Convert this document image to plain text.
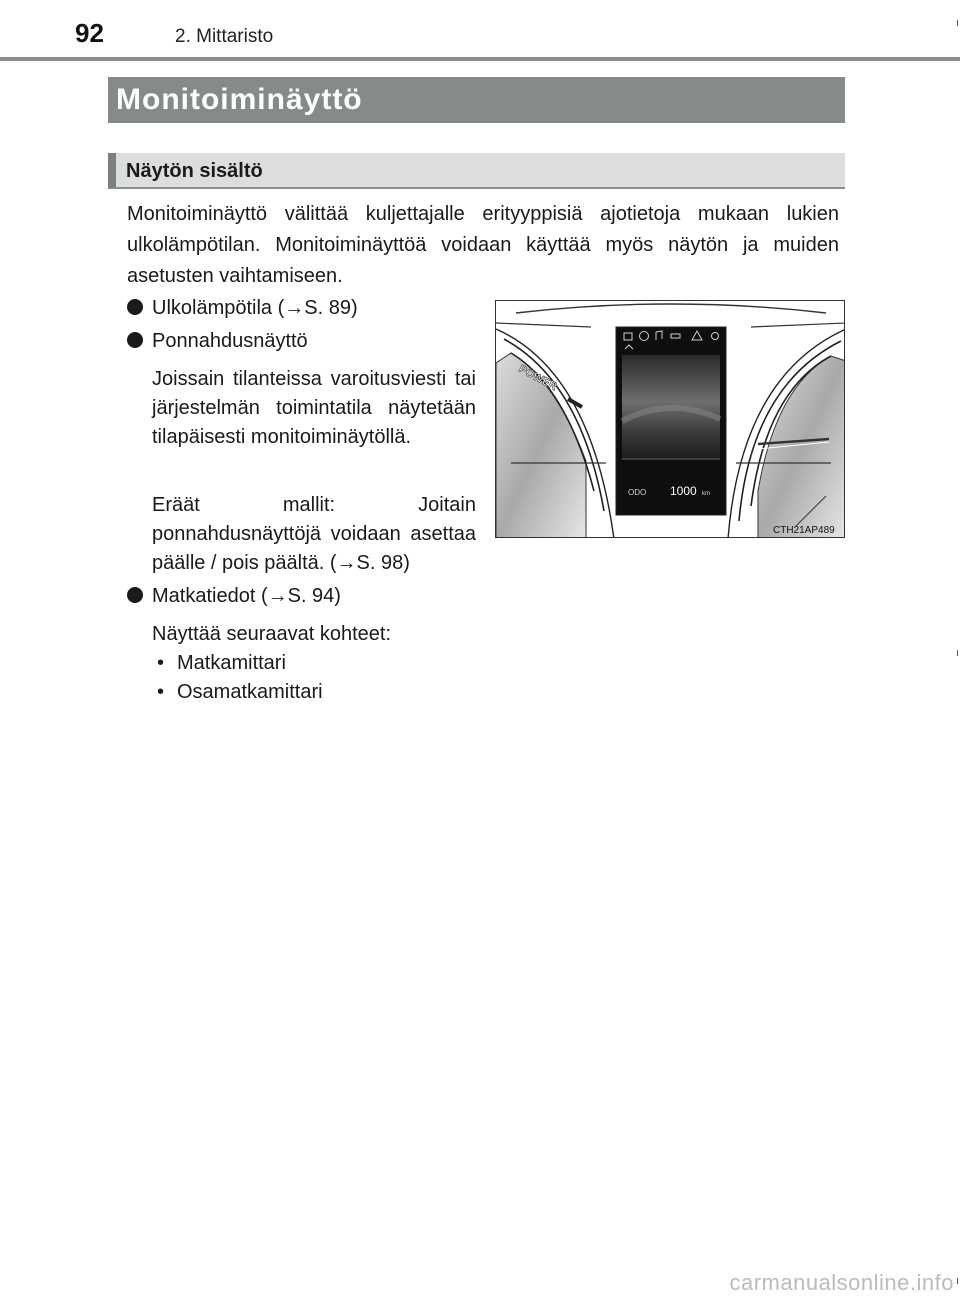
92	2. Mittaristo
Monitoiminäyttö
Näytön sisältö

Monitoiminäyttö välittää kuljettajalle erityyppisiä ajotietoja mukaan lukien ulkolämpötilan. Monitoiminäyttöä voidaan käyttää myös näytön ja muiden asetusten vaihtamiseen.

Ulkolämpötila (→S. 89)
Ponnahdusnäyttö

Joissain tilanteissa varoitusviesti tai järjestelmän toimintatila näytetään tilapäisesti monitoiminäytöllä.

Eräät mallit: Joitain ponnahdusnäyttöjä voidaan asettaa päälle / pois päältä. (→S. 98)

Matkatiedot (→S. 94)

Näyttää seuraavat kohteet:

• Matkamittari
• Osamatkamittari
POWER
ODO 1000 km
CTH21AP489
carmanualsonline.info
